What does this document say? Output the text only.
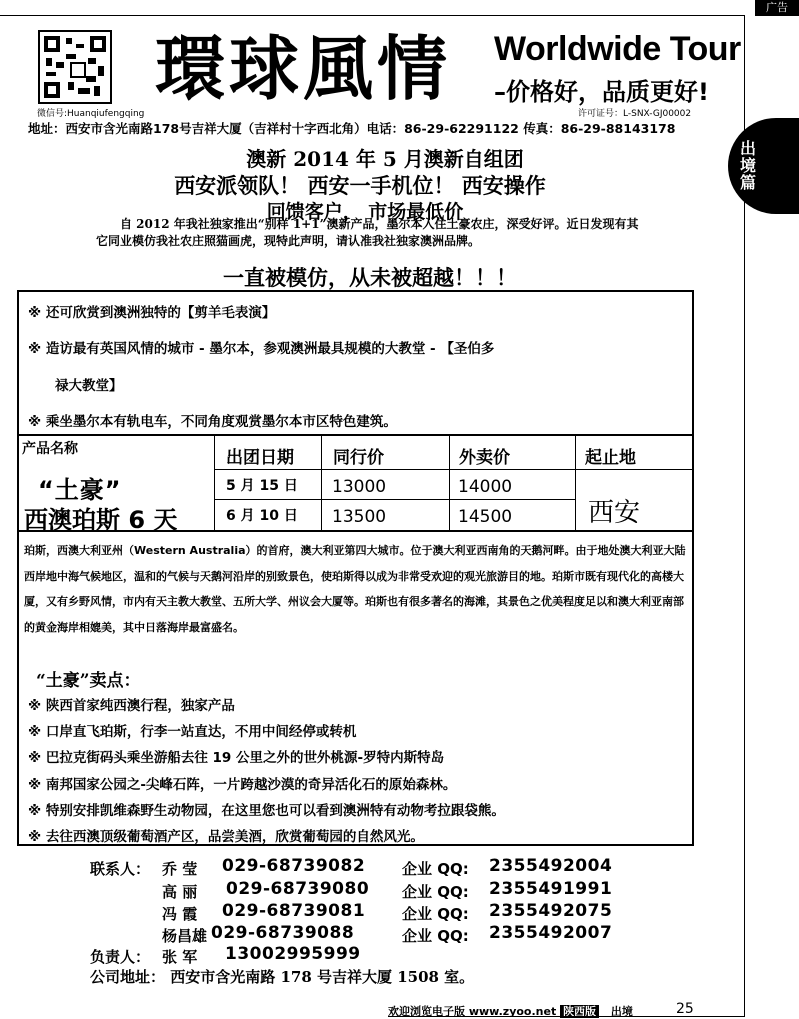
广告
微信号:Huanqiufengqing
環球風情 Worldwide Tour
–价格好，品质更好!
许可证号：L-SNX-GJ00002
地址：西安市含光南路178号吉祥大厦（吉祥村十字西北角）电话：86-29-62291122 传真：86-29-88143178
出境篇
澳新 2014 年 5 月澳新自组团
西安派领队！ 西安一手机位！ 西安操作
回馈客户， 市场最低价
自 2012 年我社独家推出“别样 1+1”澳新产品，墨尔本入住土豪农庄，深受好评。近日发现有其它同业模仿我社农庄照猫画虎，现特此声明，请认准我社独家澳洲品牌。
一直被模仿，从未被超越！！！
※ 还可欣赏到澳洲独特的【剪羊毛表演】
※ 造访最有英国风情的城市 - 墨尔本，参观澳洲最具规模的大教堂 - 【圣伯多
禄大教堂】
※ 乘坐墨尔本有轨电车，不同角度观赏墨尔本市区特色建筑。
产品名称	出团日期 同行价	外卖价	起止地
“土豪”
西澳珀斯 6 天
5 月 15 日 13000	14000
6 月 10 日 13500	14500	西安
珀斯，西澳大利亚州（Western Australia）的首府，澳大利亚第四大城市。位于澳大利亚西南角的天鹅河畔。由于地处澳大利亚大陆西岸地中海气候地区，温和的气候与天鹅河沿岸的别致景色，使珀斯得以成为非常受欢迎的观光旅游目的地。珀斯市既有现代化的高楼大厦，又有乡野风情，市内有天主教大教堂、五所大学、州议会大厦等。珀斯也有很多著名的海滩，其景色之优美程度足以和澳大利亚南部的黄金海岸相媲美，其中日落海岸最富盛名。
“土豪”卖点：
※ 陕西首家纯西澳行程，独家产品
※ 口岸直飞珀斯，行李一站直达，不用中间经停或转机
※ 巴拉克街码头乘坐游船去往 19 公里之外的世外桃源-罗特内斯特岛
※ 南邦国家公园之-尖峰石阵，一片跨越沙漠的奇异活化石的原始森林。
※ 特别安排凯维森野生动物园，在这里您也可以看到澳洲特有动物考拉跟袋熊。
※ 去往西澳顶级葡萄酒产区，品尝美酒，欣赏葡萄园的自然风光。
联系人： 乔 莹 029-68739082 企业 QQ: 2355492004
高 丽 029-68739080 企业 QQ: 2355491991
冯 霞 029-68739081 企业 QQ: 2355492075
杨昌雄 029-68739088	企业 QQ: 2355492007
负责人： 张 军 13002995999
公司地址： 西安市含光南路 178 号吉祥大厦 1508 室。
欢迎浏览电子版 www.zyoo.net 陕西版 出境	25
